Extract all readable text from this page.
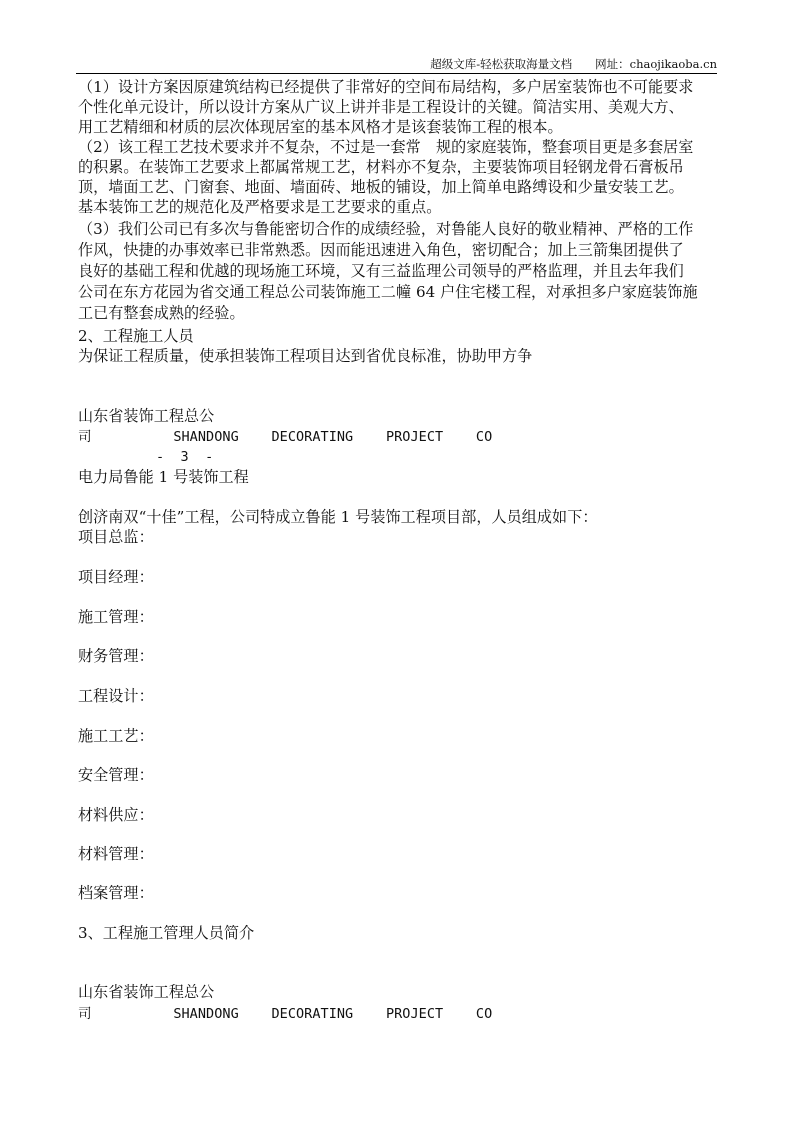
超级文库-轻松获取海量文档　　 网址：chaojikaoba.cn
（1）设计方案因原建筑结构已经提供了非常好的空间布局结构，多户居室装饰也不可能要求
个性化单元设计，所以设计方案从广议上讲并非是工程设计的关键。简洁实用、美观大方、
用工艺精细和材质的层次体现居室的基本风格才是该套装饰工程的根本。
（2）该工程工艺技术要求并不复杂，不过是一套常　规的家庭装饰，整套项目更是多套居室
的积累。在装饰工艺要求上都属常规工艺，材料亦不复杂，主要装饰项目轻钢龙骨石膏板吊
顶，墙面工艺、门窗套、地面、墙面砖、地板的铺设，加上简单电路缚设和少量安装工艺。
基本装饰工艺的规范化及严格要求是工艺要求的重点。
（3）我们公司已有多次与鲁能密切合作的成绩经验，对鲁能人良好的敬业精神、严格的工作
作风，快捷的办事效率已非常熟悉。因而能迅速进入角色，密切配合；加上三箭集团提供了
良好的基础工程和优越的现场施工环境，又有三益监理公司领导的严格监理，并且去年我们
公司在东方花园为省交通工程总公司装饰施工二幢 64 户住宅楼工程，对承担多户家庭装饰施
工已有整套成熟的经验。
2、工程施工人员
为保证工程质量，使承担装饰工程项目达到省优良标准，协助甲方争
山东省装饰工程总公
司          SHANDONG    DECORATING    PROJECT    CO
-  3  -
电力局鲁能 1 号装饰工程
创济南双“十佳”工程，公司特成立鲁能 1 号装饰工程项目部，人员组成如下：
项目总监：
项目经理：
施工管理：
财务管理：
工程设计：
施工工艺：
安全管理：
材料供应：
材料管理：
档案管理：
3、工程施工管理人员简介
山东省装饰工程总公
司          SHANDONG    DECORATING    PROJECT    CO
